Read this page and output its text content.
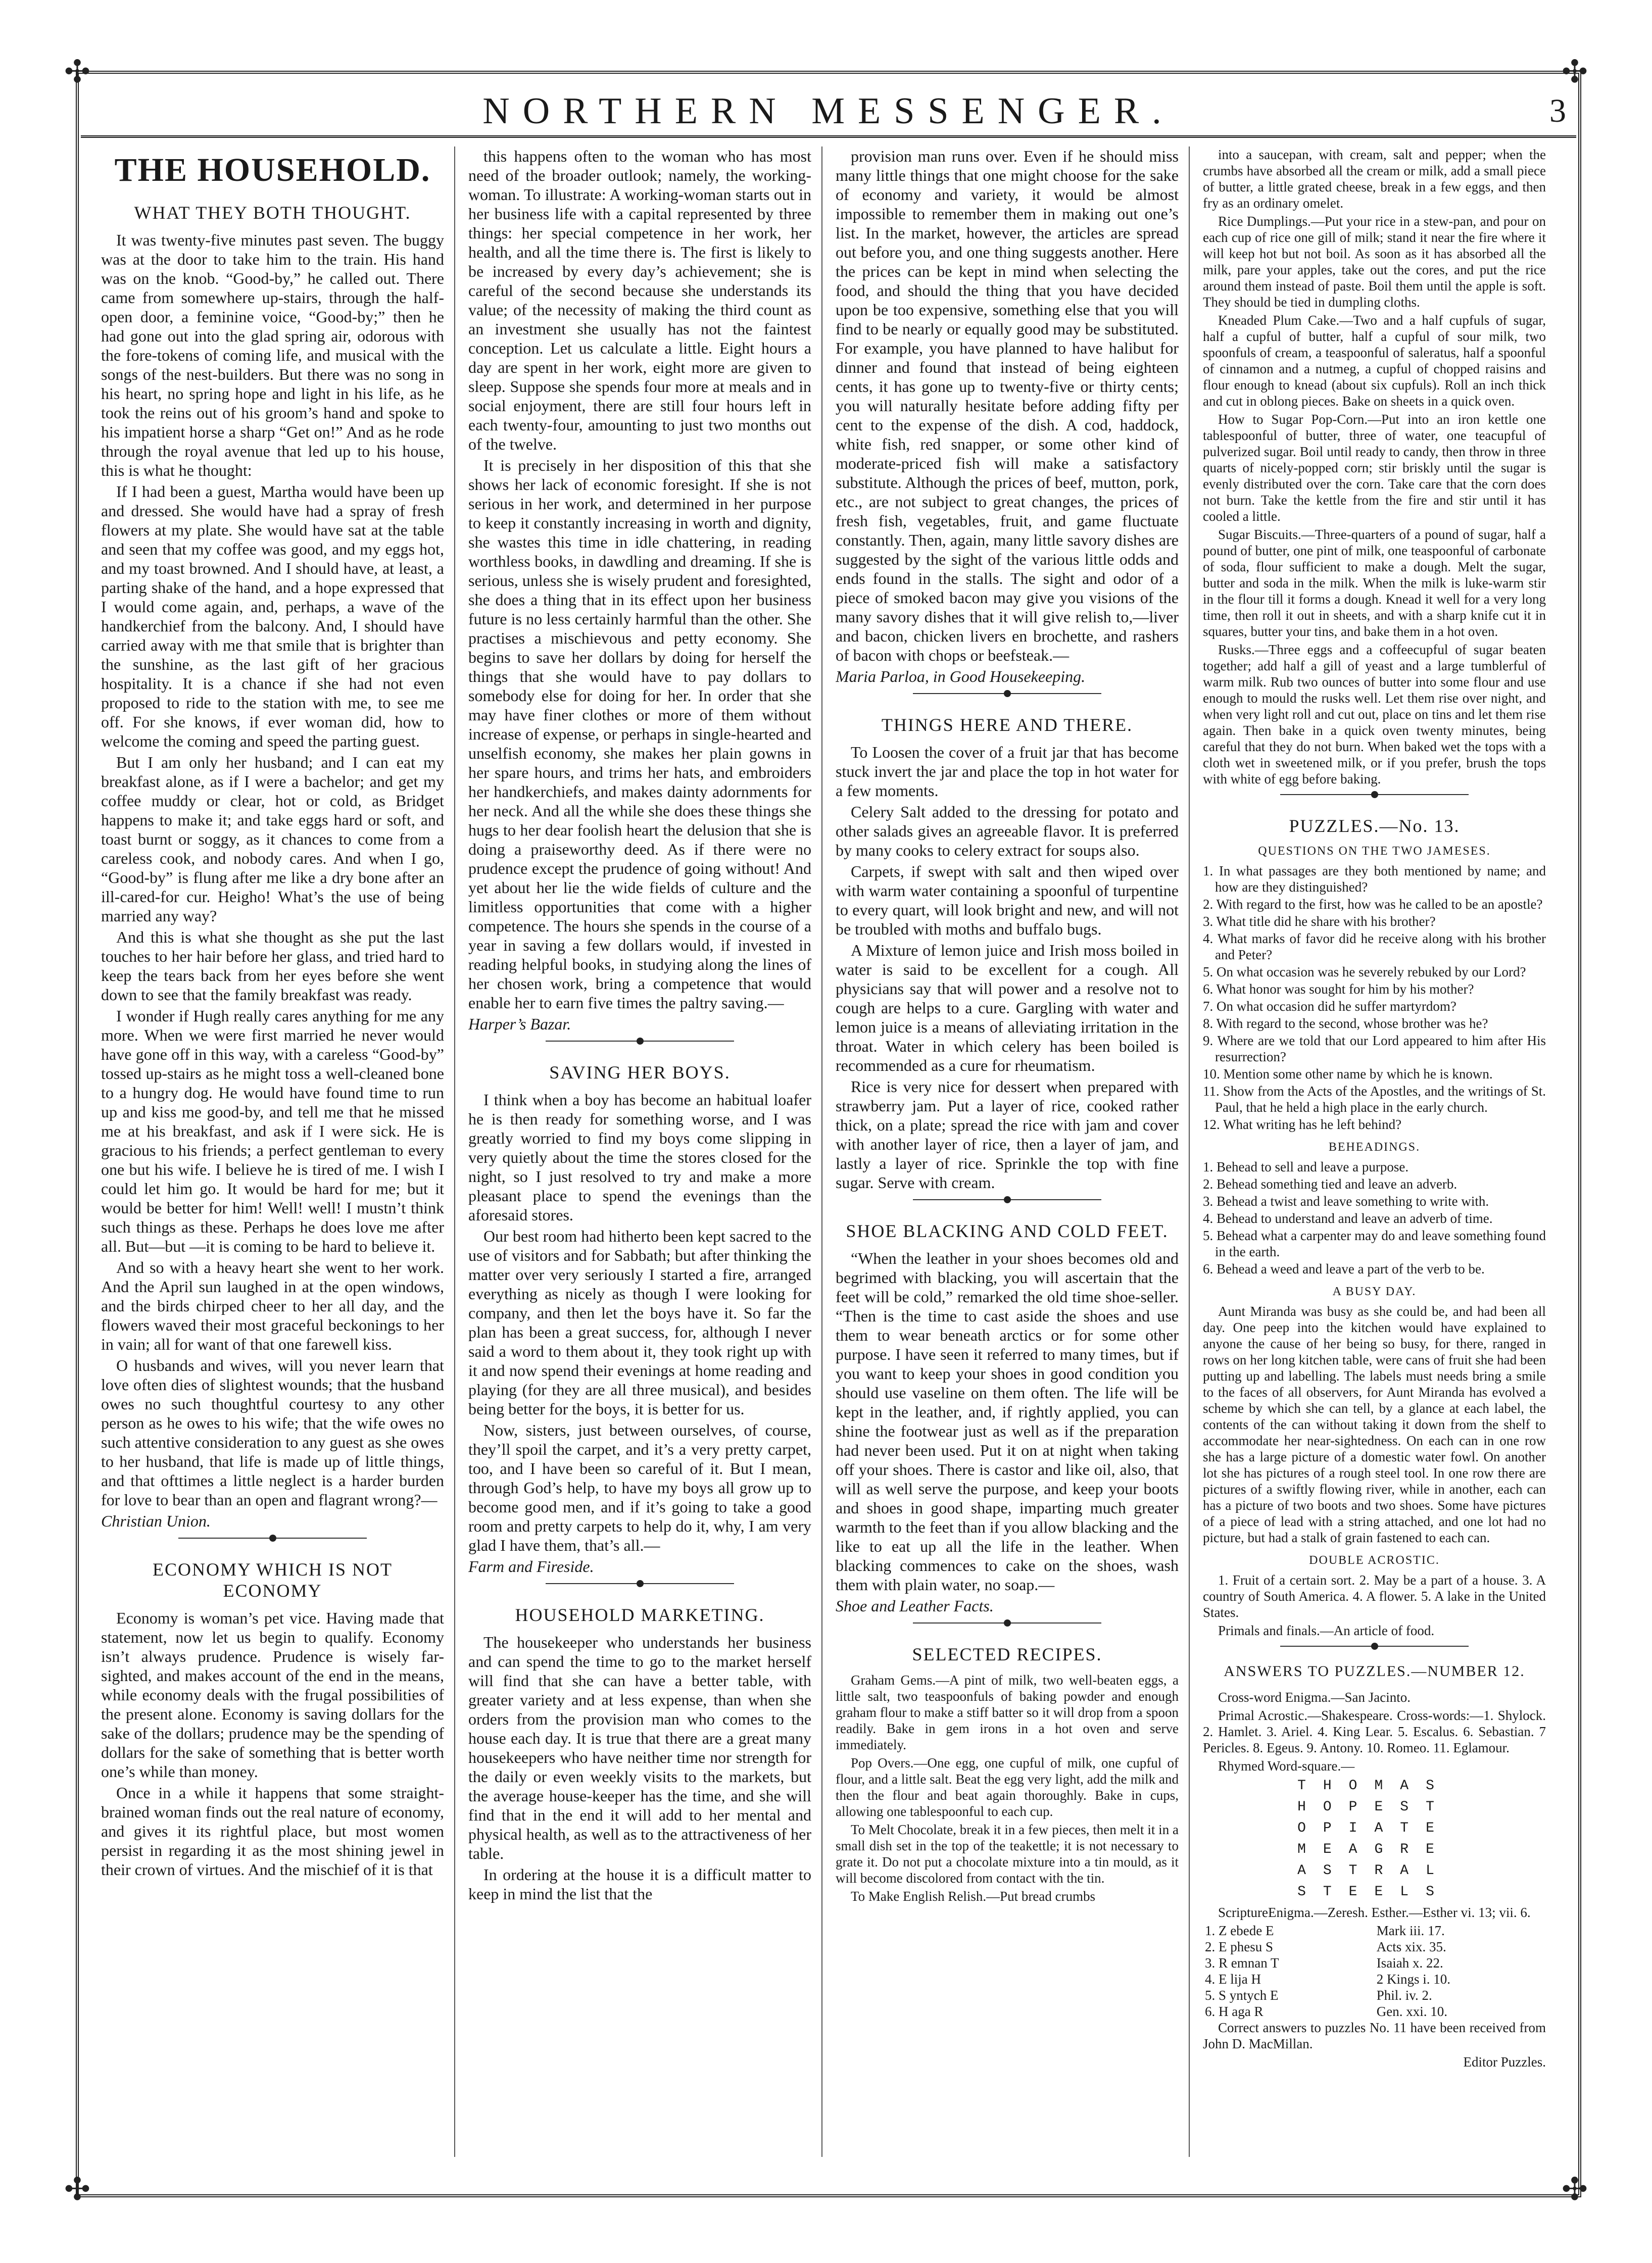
✣	✣
✣	✣
NORTHERN MESSENGER.	3
THE HOUSEHOLD.
WHAT THEY BOTH THOUGHT.

It was twenty-five minutes past seven. The buggy was at the door to take him to the train. His hand was on the knob. “Good-by,” he called out. There came from somewhere up-stairs, through the half-open door, a feminine voice, “Good-by;” then he had gone out into the glad spring air, odorous with the fore-tokens of coming life, and musical with the songs of the nest-builders. But there was no song in his heart, no spring hope and light in his life, as he took the reins out of his groom’s hand and spoke to his impatient horse a sharp “Get on!” And as he rode through the royal avenue that led up to his house, this is what he thought:

If I had been a guest, Martha would have been up and dressed. She would have had a spray of fresh flowers at my plate. She would have sat at the table and seen that my coffee was good, and my eggs hot, and my toast browned. And I should have, at least, a parting shake of the hand, and a hope expressed that I would come again, and, perhaps, a wave of the handkerchief from the balcony. And, I should have carried away with me that smile that is brighter than the sunshine, as the last gift of her gracious hospitality. It is a chance if she had not even proposed to ride to the station with me, to see me off. For she knows, if ever woman did, how to welcome the coming and speed the parting guest.

But I am only her husband; and I can eat my breakfast alone, as if I were a bachelor; and get my coffee muddy or clear, hot or cold, as Bridget happens to make it; and take eggs hard or soft, and toast burnt or soggy, as it chances to come from a careless cook, and nobody cares. And when I go, “Good-by” is flung after me like a dry bone after an ill-cared-for cur. Heigho! What’s the use of being married any way?

And this is what she thought as she put the last touches to her hair before her glass, and tried hard to keep the tears back from her eyes before she went down to see that the family breakfast was ready.

I wonder if Hugh really cares anything for me any more. When we were first married he never would have gone off in this way, with a careless “Good-by” tossed up-stairs as he might toss a well-cleaned bone to a hungry dog. He would have found time to run up and kiss me good-by, and tell me that he missed me at his breakfast, and ask if I were sick. He is gracious to his friends; a perfect gentleman to every one but his wife. I believe he is tired of me. I wish I could let him go. It would be hard for me; but it would be better for him! Well! well! I mustn’t think such things as these. Perhaps he does love me after all. But—but —it is coming to be hard to believe it.

And so with a heavy heart she went to her work. And the April sun laughed in at the open windows, and the birds chirped cheer to her all day, and the flowers waved their most graceful beckonings to her in vain; all for want of that one farewell kiss.

O husbands and wives, will you never learn that love often dies of slightest wounds; that the husband owes no such thoughtful courtesy to any other person as he owes to his wife; that the wife owes no such attentive consideration to any guest as she owes to her husband, that life is made up of little things, and that ofttimes a little neglect is a harder burden for love to bear than an open and flagrant wrong?—

Christian Union.

ECONOMY WHICH IS NOT ECONOMY

Economy is woman’s pet vice. Having made that statement, now let us begin to qualify. Economy isn’t always prudence. Prudence is wisely far-sighted, and makes account of the end in the means, while economy deals with the frugal possibilities of the present alone. Economy is saving dollars for the sake of the dollars; prudence may be the spending of dollars for the sake of something that is better worth one’s while than money.

Once in a while it happens that some straight-brained woman finds out the real nature of economy, and gives it its rightful place, but most women persist in regarding it as the most shining jewel in their crown of virtues. And the mischief of it is that

this happens often to the woman who has most need of the broader outlook; namely, the working-woman. To illustrate: A working-woman starts out in her business life with a capital represented by three things: her special competence in her work, her health, and all the time there is. The first is likely to be increased by every day’s achievement; she is careful of the second because she understands its value; of the necessity of making the third count as an investment she usually has not the faintest conception. Let us calculate a little. Eight hours a day are spent in her work, eight more are given to sleep. Suppose she spends four more at meals and in social enjoyment, there are still four hours left in each twenty-four, amounting to just two months out of the twelve.

It is precisely in her disposition of this that she shows her lack of economic foresight. If she is not serious in her work, and determined in her purpose to keep it constantly increasing in worth and dignity, she wastes this time in idle chattering, in reading worthless books, in dawdling and dreaming. If she is serious, unless she is wisely prudent and foresighted, she does a thing that in its effect upon her business future is no less certainly harmful than the other. She practises a mischievous and petty economy. She begins to save her dollars by doing for herself the things that she would have to pay dollars to somebody else for doing for her. In order that she may have finer clothes or more of them without increase of expense, or perhaps in single-hearted and unselfish economy, she makes her plain gowns in her spare hours, and trims her hats, and embroiders her handkerchiefs, and makes dainty adornments for her neck. And all the while she does these things she hugs to her dear foolish heart the delusion that she is doing a praiseworthy deed. As if there were no prudence except the prudence of going without! And yet about her lie the wide fields of culture and the limitless opportunities that come with a higher competence. The hours she spends in the course of a year in saving a few dollars would, if invested in reading helpful books, in studying along the lines of her chosen work, bring a competence that would enable her to earn five times the paltry saving.—

Harper’s Bazar.

SAVING HER BOYS.

I think when a boy has become an habitual loafer he is then ready for something worse, and I was greatly worried to find my boys come slipping in very quietly about the time the stores closed for the night, so I just resolved to try and make a more pleasant place to spend the evenings than the aforesaid stores.

Our best room had hitherto been kept sacred to the use of visitors and for Sabbath; but after thinking the matter over very seriously I started a fire, arranged everything as nicely as though I were looking for company, and then let the boys have it. So far the plan has been a great success, for, although I never said a word to them about it, they took right up with it and now spend their evenings at home reading and playing (for they are all three musical), and besides being better for the boys, it is better for us.

Now, sisters, just between ourselves, of course, they’ll spoil the carpet, and it’s a very pretty carpet, too, and I have been so careful of it. But I mean, through God’s help, to have my boys all grow up to become good men, and if it’s going to take a good room and pretty carpets to help do it, why, I am very glad I have them, that’s all.—

Farm and Fireside.

HOUSEHOLD MARKETING.

The housekeeper who understands her business and can spend the time to go to the market herself will find that she can have a better table, with greater variety and at less expense, than when she orders from the provision man who comes to the house each day. It is true that there are a great many housekeepers who have neither time nor strength for the daily or even weekly visits to the markets, but the average house-keeper has the time, and she will find that in the end it will add to her mental and physical health, as well as to the attractiveness of her table.

In ordering at the house it is a difficult matter to keep in mind the list that the

provision man runs over. Even if he should miss many little things that one might choose for the sake of economy and variety, it would be almost impossible to remember them in making out one’s list. In the market, however, the articles are spread out before you, and one thing suggests another. Here the prices can be kept in mind when selecting the food, and should the thing that you have decided upon be too expensive, something else that you will find to be nearly or equally good may be substituted. For example, you have planned to have halibut for dinner and found that instead of being eighteen cents, it has gone up to twenty-five or thirty cents; you will naturally hesitate before adding fifty per cent to the expense of the dish. A cod, haddock, white fish, red snapper, or some other kind of moderate-priced fish will make a satisfactory substitute. Although the prices of beef, mutton, pork, etc., are not subject to great changes, the prices of fresh fish, vegetables, fruit, and game fluctuate constantly. Then, again, many little savory dishes are suggested by the sight of the various little odds and ends found in the stalls. The sight and odor of a piece of smoked bacon may give you visions of the many savory dishes that it will give relish to,—liver and bacon, chicken livers en brochette, and rashers of bacon with chops or beefsteak.—

Maria Parloa, in Good Housekeeping.

THINGS HERE AND THERE.

To Loosen the cover of a fruit jar that has become stuck invert the jar and place the top in hot water for a few moments.

Celery Salt added to the dressing for potato and other salads gives an agreeable flavor. It is preferred by many cooks to celery extract for soups also.

Carpets, if swept with salt and then wiped over with warm water containing a spoonful of turpentine to every quart, will look bright and new, and will not be troubled with moths and buffalo bugs.

A Mixture of lemon juice and Irish moss boiled in water is said to be excellent for a cough. All physicians say that will power and a resolve not to cough are helps to a cure. Gargling with water and lemon juice is a means of alleviating irritation in the throat. Water in which celery has been boiled is recommended as a cure for rheumatism.

Rice is very nice for dessert when prepared with strawberry jam. Put a layer of rice, cooked rather thick, on a plate; spread the rice with jam and cover with another layer of rice, then a layer of jam, and lastly a layer of rice. Sprinkle the top with fine sugar. Serve with cream.

SHOE BLACKING AND COLD FEET.

“When the leather in your shoes becomes old and begrimed with blacking, you will ascertain that the feet will be cold,” remarked the old time shoe-seller. “Then is the time to cast aside the shoes and use them to wear beneath arctics or for some other purpose. I have seen it referred to many times, but if you want to keep your shoes in good condition you should use vaseline on them often. The life will be kept in the leather, and, if rightly applied, you can shine the footwear just as well as if the preparation had never been used. Put it on at night when taking off your shoes. There is castor and like oil, also, that will as well serve the purpose, and keep your boots and shoes in good shape, imparting much greater warmth to the feet than if you allow blacking and the like to eat up all the life in the leather. When blacking commences to cake on the shoes, wash them with plain water, no soap.—

Shoe and Leather Facts.

SELECTED RECIPES.

Graham Gems.—A pint of milk, two well-beaten eggs, a little salt, two teaspoonfuls of baking powder and enough graham flour to make a stiff batter so it will drop from a spoon readily. Bake in gem irons in a hot oven and serve immediately.

Pop Overs.—One egg, one cupful of milk, one cupful of flour, and a little salt. Beat the egg very light, add the milk and then the flour and beat again thoroughly. Bake in cups, allowing one tablespoonful to each cup.

To Melt Chocolate, break it in a few pieces, then melt it in a small dish set in the top of the teakettle; it is not necessary to grate it. Do not put a chocolate mixture into a tin mould, as it will become discolored from contact with the tin.

To Make English Relish.—Put bread crumbs

into a saucepan, with cream, salt and pepper; when the crumbs have absorbed all the cream or milk, add a small piece of butter, a little grated cheese, break in a few eggs, and then fry as an ordinary omelet.

Rice Dumplings.—Put your rice in a stew-pan, and pour on each cup of rice one gill of milk; stand it near the fire where it will keep hot but not boil. As soon as it has absorbed all the milk, pare your apples, take out the cores, and put the rice around them instead of paste. Boil them until the apple is soft. They should be tied in dumpling cloths.

Kneaded Plum Cake.—Two and a half cupfuls of sugar, half a cupful of butter, half a cupful of sour milk, two spoonfuls of cream, a teaspoonful of saleratus, half a spoonful of cinnamon and a nutmeg, a cupful of chopped raisins and flour enough to knead (about six cupfuls). Roll an inch thick and cut in oblong pieces. Bake on sheets in a quick oven.

How to Sugar Pop-Corn.—Put into an iron kettle one tablespoonful of butter, three of water, one teacupful of pulverized sugar. Boil until ready to candy, then throw in three quarts of nicely-popped corn; stir briskly until the sugar is evenly distributed over the corn. Take care that the corn does not burn. Take the kettle from the fire and stir until it has cooled a little.

Sugar Biscuits.—Three-quarters of a pound of sugar, half a pound of butter, one pint of milk, one teaspoonful of carbonate of soda, flour sufficient to make a dough. Melt the sugar, butter and soda in the milk. When the milk is luke-warm stir in the flour till it forms a dough. Knead it well for a very long time, then roll it out in sheets, and with a sharp knife cut it in squares, butter your tins, and bake them in a hot oven.

Rusks.—Three eggs and a coffeecupful of sugar beaten together; add half a gill of yeast and a large tumblerful of warm milk. Rub two ounces of butter into some flour and use enough to mould the rusks well. Let them rise over night, and when very light roll and cut out, place on tins and let them rise again. Then bake in a quick oven twenty minutes, being careful that they do not burn. When baked wet the tops with a cloth wet in sweetened milk, or if you prefer, brush the tops with white of egg before baking.

PUZZLES.—No. 13.
QUESTIONS ON THE TWO JAMESES.
1. In what passages are they both mentioned by name; and how are they distinguished?
2. With regard to the first, how was he called to be an apostle?
3. What title did he share with his brother?
4. What marks of favor did he receive along with his brother and Peter?
5. On what occasion was he severely rebuked by our Lord?
6. What honor was sought for him by his mother?
7. On what occasion did he suffer martyrdom?
8. With regard to the second, whose brother was he?
9. Where are we told that our Lord appeared to him after His resurrection?
10. Mention some other name by which he is known.
11. Show from the Acts of the Apostles, and the writings of St. Paul, that he held a high place in the early church.
12. What writing has he left behind?
BEHEADINGS.
1. Behead to sell and leave a purpose.
2. Behead something tied and leave an adverb.
3. Behead a twist and leave something to write with.
4. Behead to understand and leave an adverb of time.
5. Behead what a carpenter may do and leave something found in the earth.
6. Behead a weed and leave a part of the verb to be.
A BUSY DAY.

Aunt Miranda was busy as she could be, and had been all day. One peep into the kitchen would have explained to anyone the cause of her being so busy, for there, ranged in rows on her long kitchen table, were cans of fruit she had been putting up and labelling. The labels must needs bring a smile to the faces of all observers, for Aunt Miranda has evolved a scheme by which she can tell, by a glance at each label, the contents of the can without taking it down from the shelf to accommodate her near-sightedness. On each can in one row she has a large picture of a domestic water fowl. On another lot she has pictures of a rough steel tool. In one row there are pictures of a swiftly flowing river, while in another, each can has a picture of two boots and two shoes. Some have pictures of a piece of lead with a string attached, and one lot had no picture, but had a stalk of grain fastened to each can.

DOUBLE ACROSTIC.

1. Fruit of a certain sort. 2. May be a part of a house. 3. A country of South America. 4. A flower. 5. A lake in the United States.

Primals and finals.—An article of food.

ANSWERS TO PUZZLES.—NUMBER 12.

Cross-word Enigma.—San Jacinto.

Primal Acrostic.—Shakespeare. Cross-words:—1. Shylock. 2. Hamlet. 3. Ariel. 4. King Lear. 5. Escalus. 6. Sebastian. 7 Pericles. 8. Egeus. 9. Antony. 10. Romeo. 11. Eglamour.

Rhymed Word-square.—

THOMAS
HOPEST
OPIATE
MEAGRE
ASTRAL
STEELS

ScriptureEnigma.—Zeresh. Esther.—Esther vi. 13; vii. 6.

1. Z ebede E	Mark iii. 17.
2. E phesu S	Acts xix. 35.
3. R emnan T	Isaiah x. 22.
4. E lija H	2 Kings i. 10.
5. S yntych E	Phil. iv. 2.
6. H aga R	Gen. xxi. 10.

Correct answers to puzzles No. 11 have been received from John D. MacMillan.

Editor Puzzles.
